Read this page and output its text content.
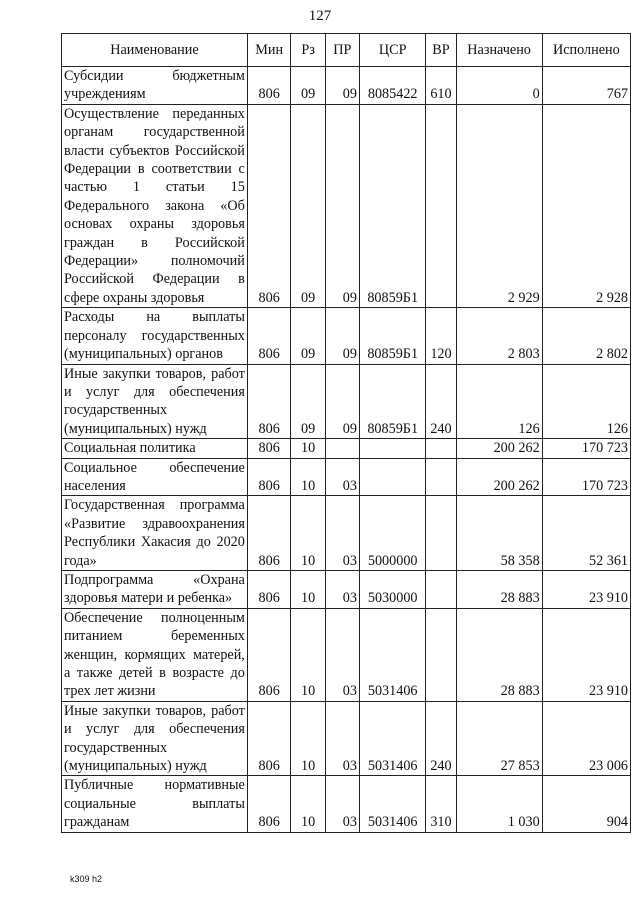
127
Наименование	Мин	Рз	ПР	ЦСР	ВР	Назначено	Исполнено
Субсидии бюджетным учреждениям	806	09	09	8085422	610	0	767
Осуществление переданных органам государственной власти субъектов Российской Федерации в соответствии с частью 1 статьи 15 Федерального закона «Об основах охраны здоровья граждан в Российской Федерации» полномочий Российской Федерации в сфере охраны здоровья	806	09	09	80859Б1		2 929	2 928
Расходы на выплаты персоналу государственных (муниципальных) органов	806	09	09	80859Б1	120	2 803	2 802
Иные закупки товаров, работ и услуг для обеспечения государственных (муниципальных) нужд	806	09	09	80859Б1	240	126	126
Социальная политика	806	10				200 262	170 723
Социальное обеспечение населения	806	10	03			200 262	170 723
Государственная программа «Развитие здравоохранения Республики Хакасия до 2020 года»	806	10	03	5000000		58 358	52 361
Подпрограмма «Охрана здоровья матери и ребенка»	806	10	03	5030000		28 883	23 910
Обеспечение полноценным питанием беременных женщин, кормящих матерей, а также детей в возрасте до трех лет жизни	806	10	03	5031406		28 883	23 910
Иные закупки товаров, работ и услуг для обеспечения государственных (муниципальных) нужд	806	10	03	5031406	240	27 853	23 006
Публичные нормативные социальные выплаты гражданам	806	10	03	5031406	310	1 030	904
k309 h2
